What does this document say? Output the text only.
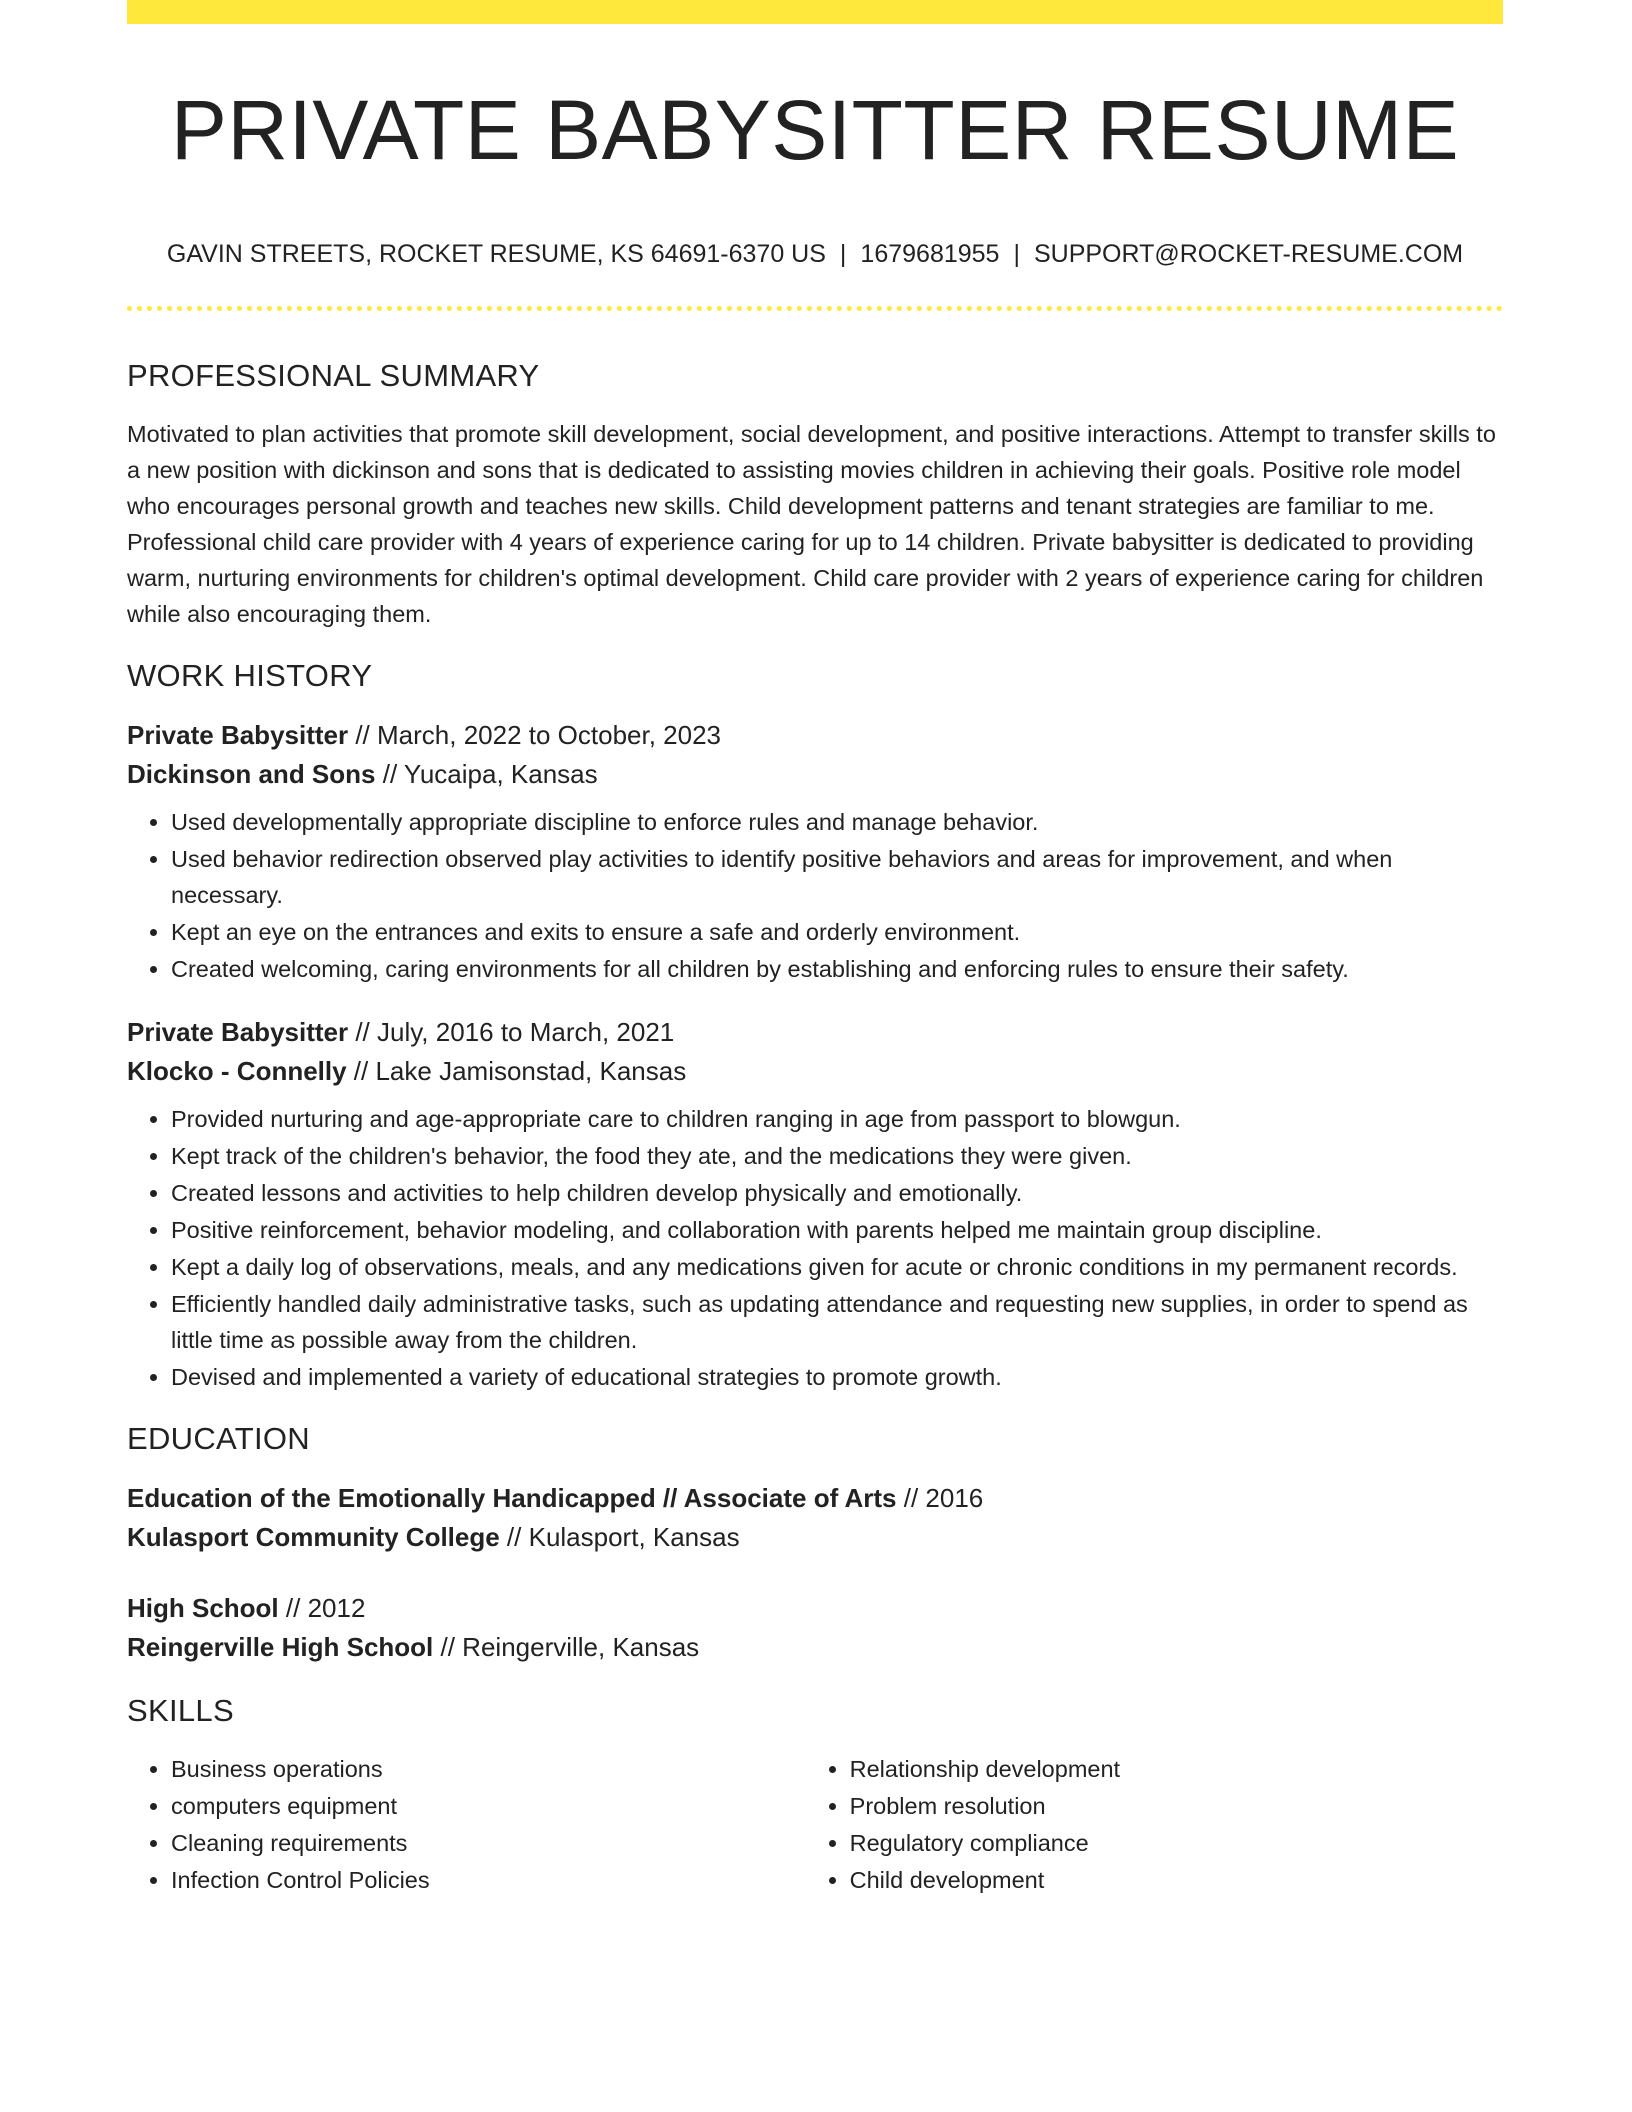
PRIVATE BABYSITTER RESUME
GAVIN STREETS, ROCKET RESUME, KS 64691-6370 US | 1679681955 | SUPPORT@ROCKET-RESUME.COM
PROFESSIONAL SUMMARY

Motivated to plan activities that promote skill development, social development, and positive interactions. Attempt to transfer skills to a new position with dickinson and sons that is dedicated to assisting movies children in achieving their goals. Positive role model who encourages personal growth and teaches new skills. Child development patterns and tenant strategies are familiar to me. Professional child care provider with 4 years of experience caring for up to 14 children. Private babysitter is dedicated to providing warm, nurturing environments for children's optimal development. Child care provider with 2 years of experience caring for children while also encouraging them.

WORK HISTORY
Private Babysitter // March, 2022 to October, 2023
Dickinson and Sons // Yucaipa, Kansas
• Used developmentally appropriate discipline to enforce rules and manage behavior.
• Used behavior redirection observed play activities to identify positive behaviors and areas for improvement, and when necessary.
• Kept an eye on the entrances and exits to ensure a safe and orderly environment.
• Created welcoming, caring environments for all children by establishing and enforcing rules to ensure their safety.
Private Babysitter // July, 2016 to March, 2021
Klocko - Connelly // Lake Jamisonstad, Kansas
• Provided nurturing and age-appropriate care to children ranging in age from passport to blowgun.
• Kept track of the children's behavior, the food they ate, and the medications they were given.
• Created lessons and activities to help children develop physically and emotionally.
• Positive reinforcement, behavior modeling, and collaboration with parents helped me maintain group discipline.
• Kept a daily log of observations, meals, and any medications given for acute or chronic conditions in my permanent records.
• Efficiently handled daily administrative tasks, such as updating attendance and requesting new supplies, in order to spend as little time as possible away from the children.
• Devised and implemented a variety of educational strategies to promote growth.
EDUCATION
Education of the Emotionally Handicapped // Associate of Arts // 2016
Kulasport Community College // Kulasport, Kansas
High School // 2012
Reingerville High School // Reingerville, Kansas
SKILLS
• Business operations
• computers equipment
• Cleaning requirements
• Infection Control Policies
• Relationship development
• Problem resolution
• Regulatory compliance
• Child development
